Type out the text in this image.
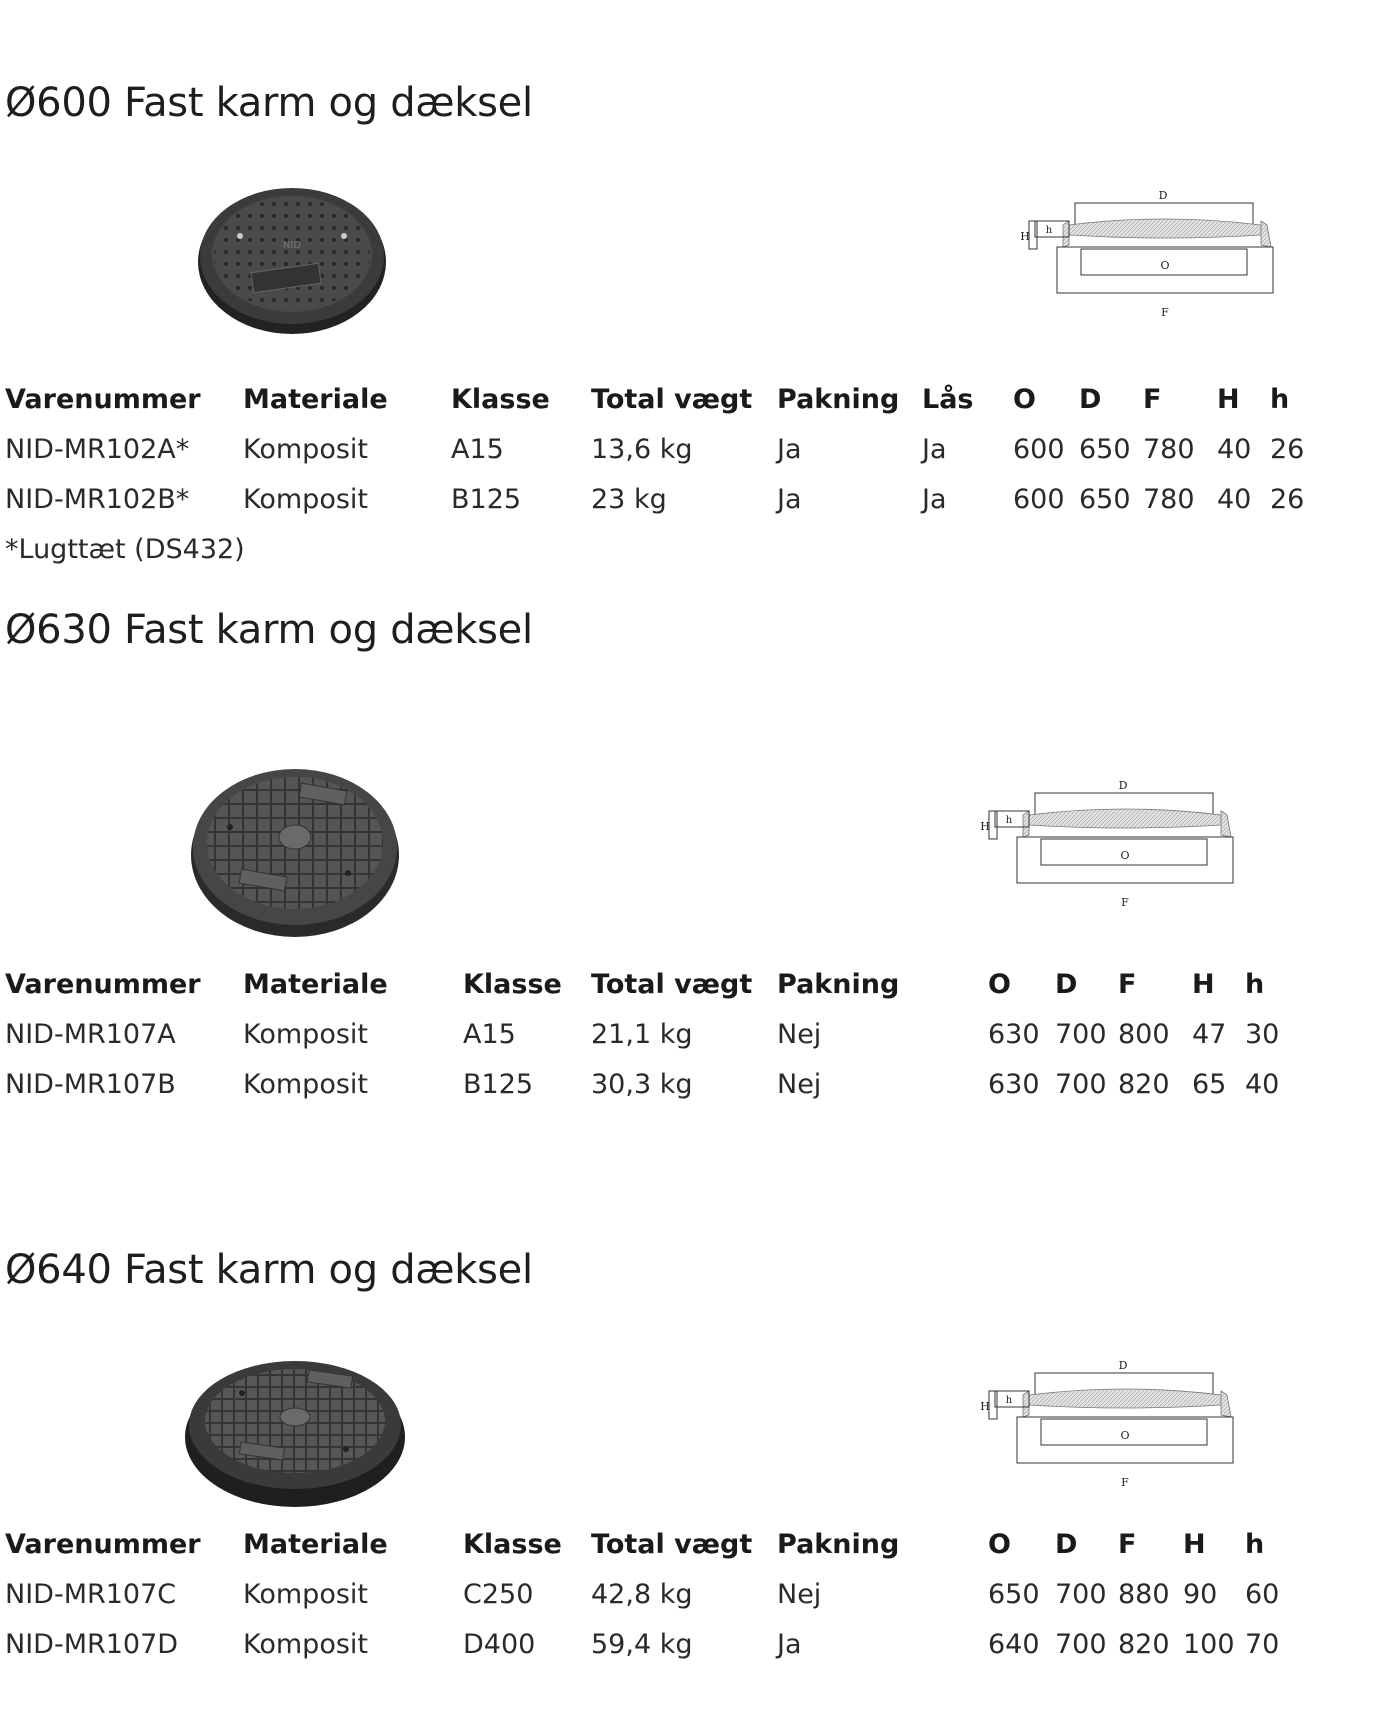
Ø600 Fast karm og dæksel
NID
D
H h
O
F
Varenummer Materiale Klasse Total vægt Pakning Lås O D F H h
NID-MR102A* Komposit	A15	13,6 kg	Ja	Ja 600 650 780 40 26
NID-MR102B* Komposit	B125	23 kg	Ja	Ja 600 650 780 40 26
*Lugttæt (DS432)
Ø630 Fast karm og dæksel
D
H h
O
F
Varenummer Materiale	Klasse Total vægt Pakning	O D F H h
NID-MR107A Komposit	A15	21,1 kg	Nej	630 700 800 47 30
NID-MR107B Komposit	B125 30,3 kg	Nej	630 700 820 65 40
Ø640 Fast karm og dæksel
D
H h
O
F
Varenummer Materiale	Klasse Total vægt Pakning	O D F H h
NID-MR107C Komposit	C250 42,8 kg	Nej	650 700 880 90 60
NID-MR107D Komposit	D400 59,4 kg	Ja	640 700 820 100 70
